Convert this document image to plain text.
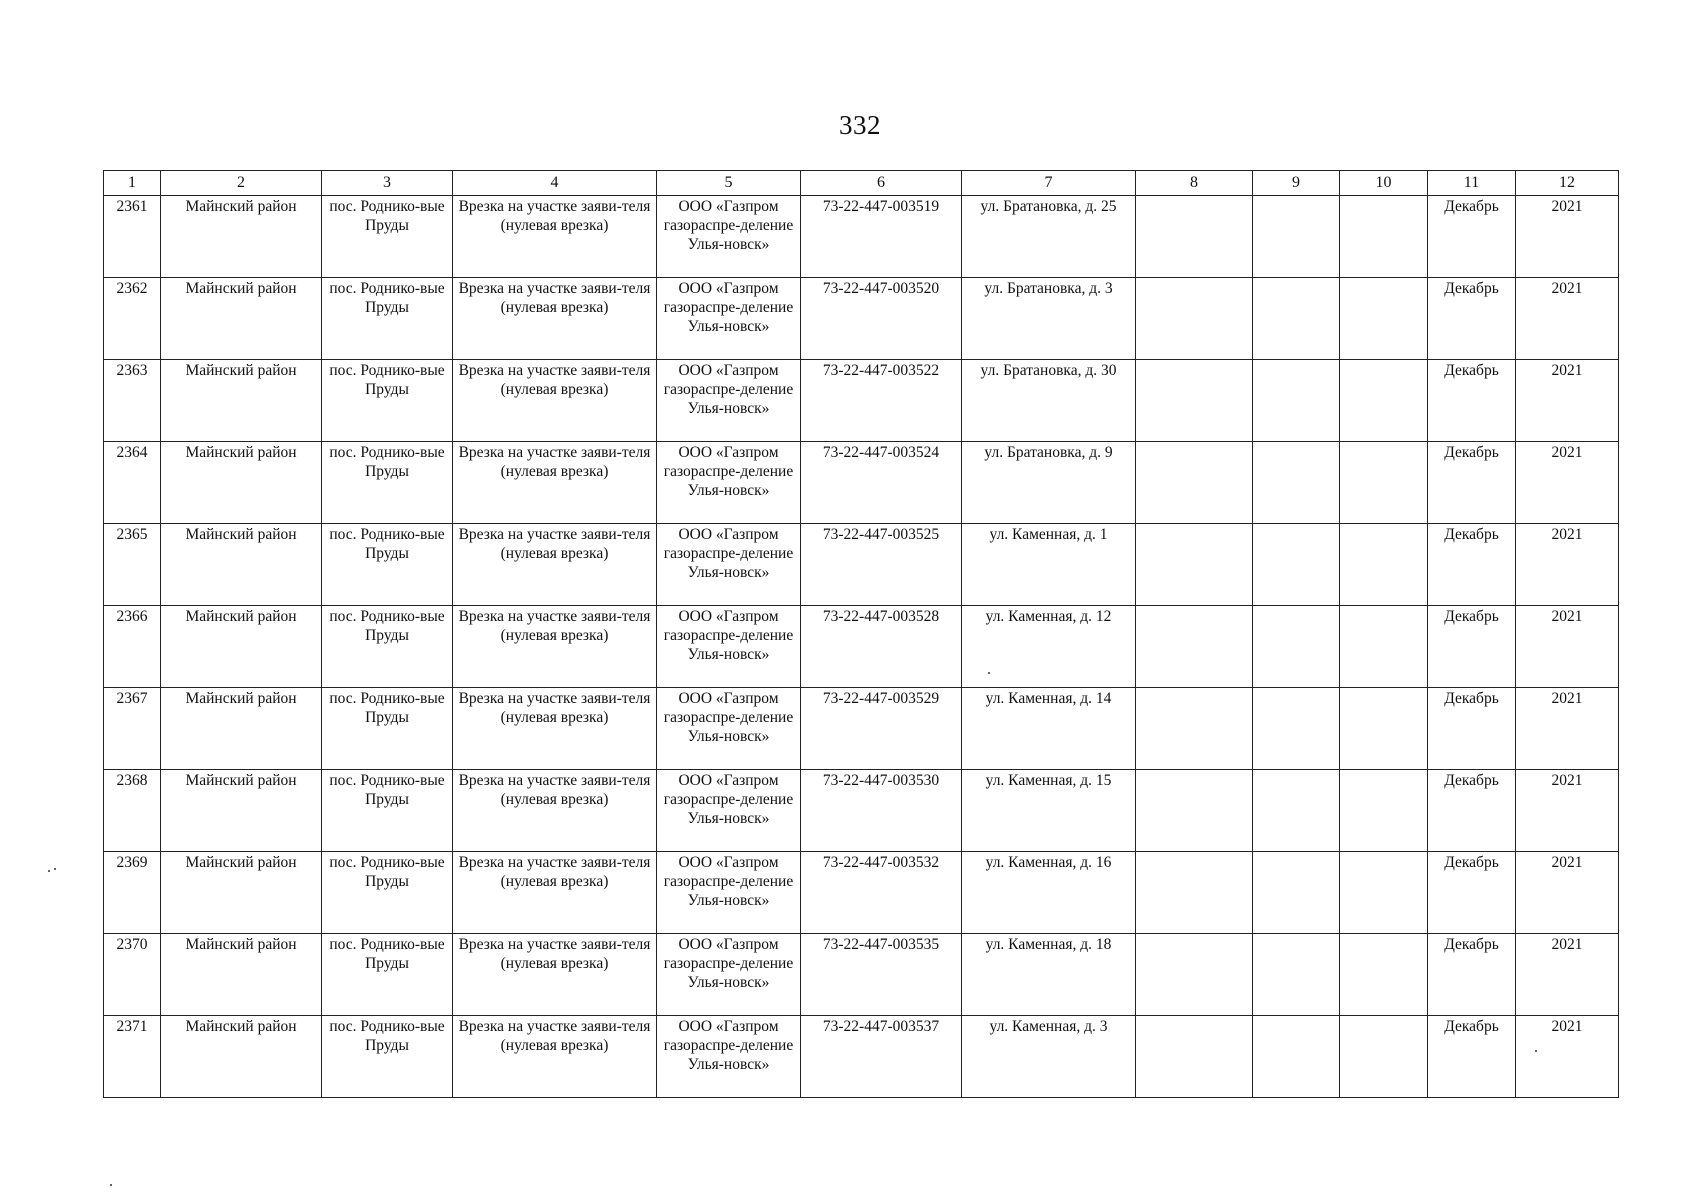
332
1	2	3	4	5	6	7	8	9	10	11	12
2361	Майнский район	пос. Роднико-вые Пруды	Врезка на участке заяви-теля (нулевая врезка)	ООО «Газпром газораспре-деление Улья-новск»	73-22-447-003519	ул. Братановка, д. 25				Декабрь	2021
2362	Майнский район	пос. Роднико-вые Пруды	Врезка на участке заяви-теля (нулевая врезка)	ООО «Газпром газораспре-деление Улья-новск»	73-22-447-003520	ул. Братановка, д. 3				Декабрь	2021
2363	Майнский район	пос. Роднико-вые Пруды	Врезка на участке заяви-теля (нулевая врезка)	ООО «Газпром газораспре-деление Улья-новск»	73-22-447-003522	ул. Братановка, д. 30				Декабрь	2021
2364	Майнский район	пос. Роднико-вые Пруды	Врезка на участке заяви-теля (нулевая врезка)	ООО «Газпром газораспре-деление Улья-новск»	73-22-447-003524	ул. Братановка, д. 9				Декабрь	2021
2365	Майнский район	пос. Роднико-вые Пруды	Врезка на участке заяви-теля (нулевая врезка)	ООО «Газпром газораспре-деление Улья-новск»	73-22-447-003525	ул. Каменная, д. 1				Декабрь	2021
2366	Майнский район	пос. Роднико-вые Пруды	Врезка на участке заяви-теля (нулевая врезка)	ООО «Газпром газораспре-деление Улья-новск»	73-22-447-003528	ул. Каменная, д. 12				Декабрь	2021
2367	Майнский район	пос. Роднико-вые Пруды	Врезка на участке заяви-теля (нулевая врезка)	ООО «Газпром газораспре-деление Улья-новск»	73-22-447-003529	ул. Каменная, д. 14				Декабрь	2021
2368	Майнский район	пос. Роднико-вые Пруды	Врезка на участке заяви-теля (нулевая врезка)	ООО «Газпром газораспре-деление Улья-новск»	73-22-447-003530	ул. Каменная, д. 15				Декабрь	2021
2369	Майнский район	пос. Роднико-вые Пруды	Врезка на участке заяви-теля (нулевая врезка)	ООО «Газпром газораспре-деление Улья-новск»	73-22-447-003532	ул. Каменная, д. 16				Декабрь	2021
2370	Майнский район	пос. Роднико-вые Пруды	Врезка на участке заяви-теля (нулевая врезка)	ООО «Газпром газораспре-деление Улья-новск»	73-22-447-003535	ул. Каменная, д. 18				Декабрь	2021
2371	Майнский район	пос. Роднико-вые Пруды	Врезка на участке заяви-теля (нулевая врезка)	ООО «Газпром газораспре-деление Улья-новск»	73-22-447-003537	ул. Каменная, д. 3				Декабрь	2021
